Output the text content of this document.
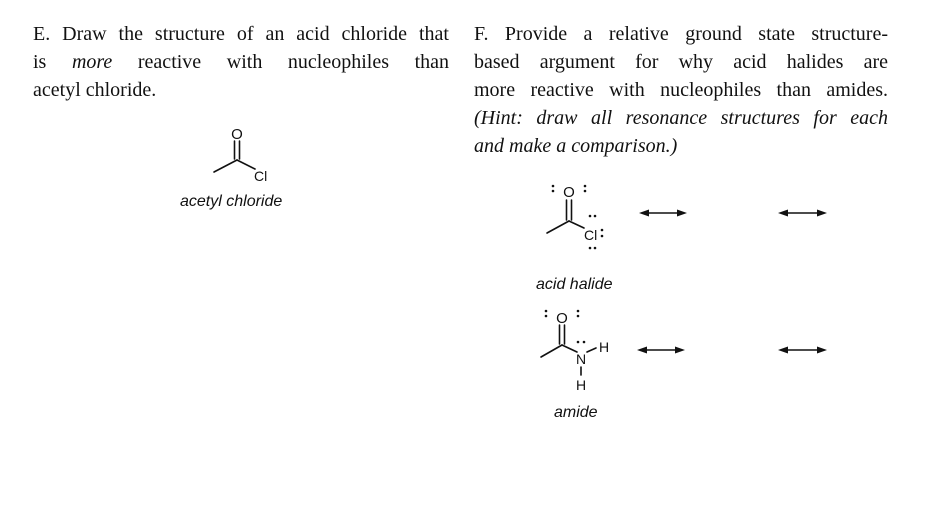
E. Draw the structure of an acid chloride that
is more reactive with nucleophiles than
acetyl chloride.
F. Provide a relative ground state structure-
based argument for why acid halides are
more reactive with nucleophiles than amides.
(Hint: draw all resonance structures for each
and make a comparison.)
O
Cl
O
Cl
O
N
H
H
acetyl chloride
acid halide
amide
